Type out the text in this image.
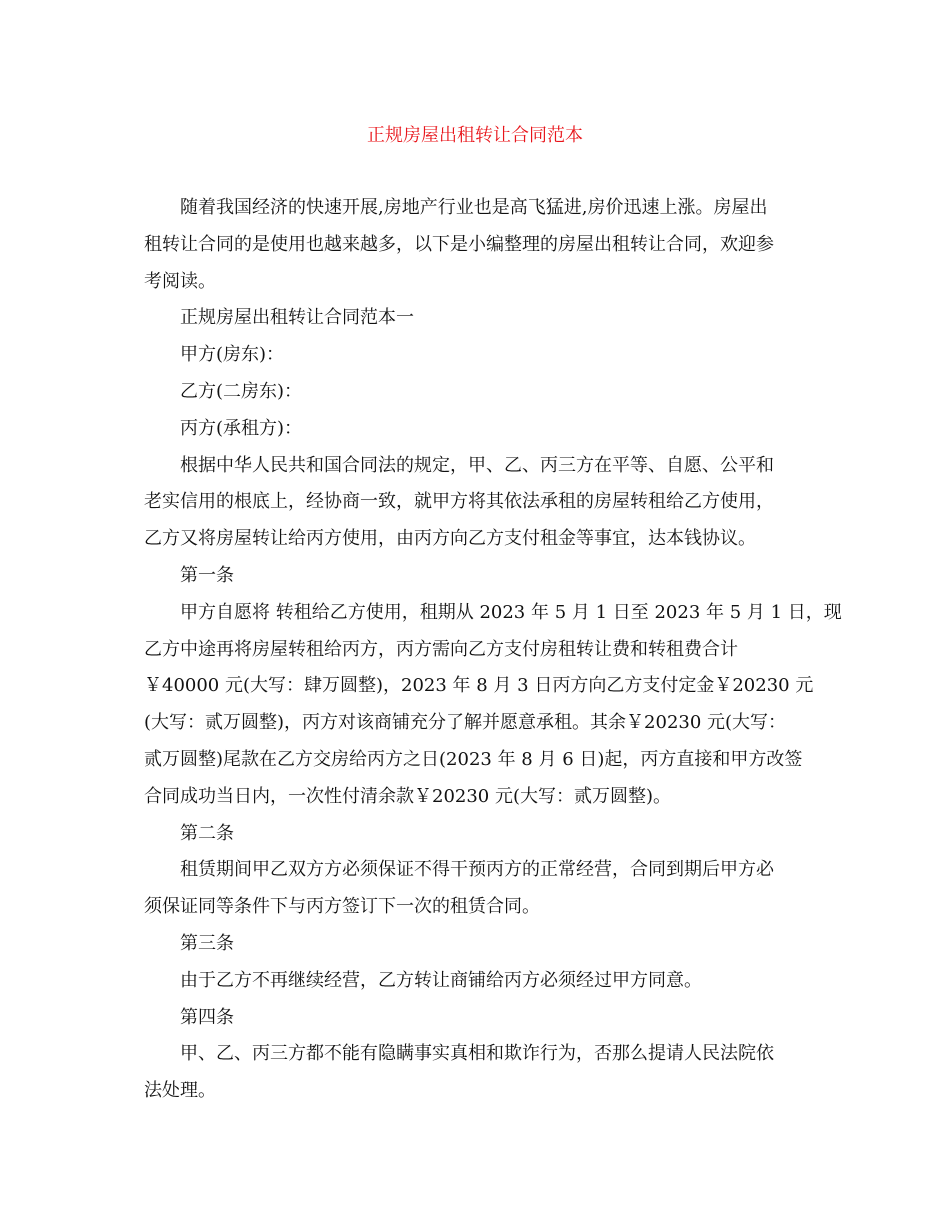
正规房屋出租转让合同范本

随着我国经济的快速开展,房地产行业也是高飞猛进,房价迅速上涨。房屋出
租转让合同的是使用也越来越多，以下是小编整理的房屋出租转让合同，欢迎参
考阅读。

正规房屋出租转让合同范本一

甲方(房东)：

乙方(二房东)：

丙方(承租方)：

根据中华人民共和国合同法的规定，甲、乙、丙三方在平等、自愿、公平和
老实信用的根底上，经协商一致，就甲方将其依法承租的房屋转租给乙方使用，
乙方又将房屋转让给丙方使用，由丙方向乙方支付租金等事宜，达本钱协议。

第一条

甲方自愿将 转租给乙方使用，租期从 2023 年 5 月 1 日至 2023 年 5 月 1 日，现
乙方中途再将房屋转租给丙方，丙方需向乙方支付房租转让费和转租费合计
￥40000 元(大写：肆万圆整)，2023 年 8 月 3 日丙方向乙方支付定金￥20230 元
(大写：贰万圆整)，丙方对该商铺充分了解并愿意承租。其余￥20230 元(大写：
贰万圆整)尾款在乙方交房给丙方之日(2023 年 8 月 6 日)起，丙方直接和甲方改签
合同成功当日内，一次性付清余款￥20230 元(大写：贰万圆整)。

第二条

租赁期间甲乙双方方必须保证不得干预丙方的正常经营，合同到期后甲方必
须保证同等条件下与丙方签订下一次的租赁合同。

第三条

由于乙方不再继续经营，乙方转让商铺给丙方必须经过甲方同意。

第四条

甲、乙、丙三方都不能有隐瞒事实真相和欺诈行为，否那么提请人民法院依
法处理。
